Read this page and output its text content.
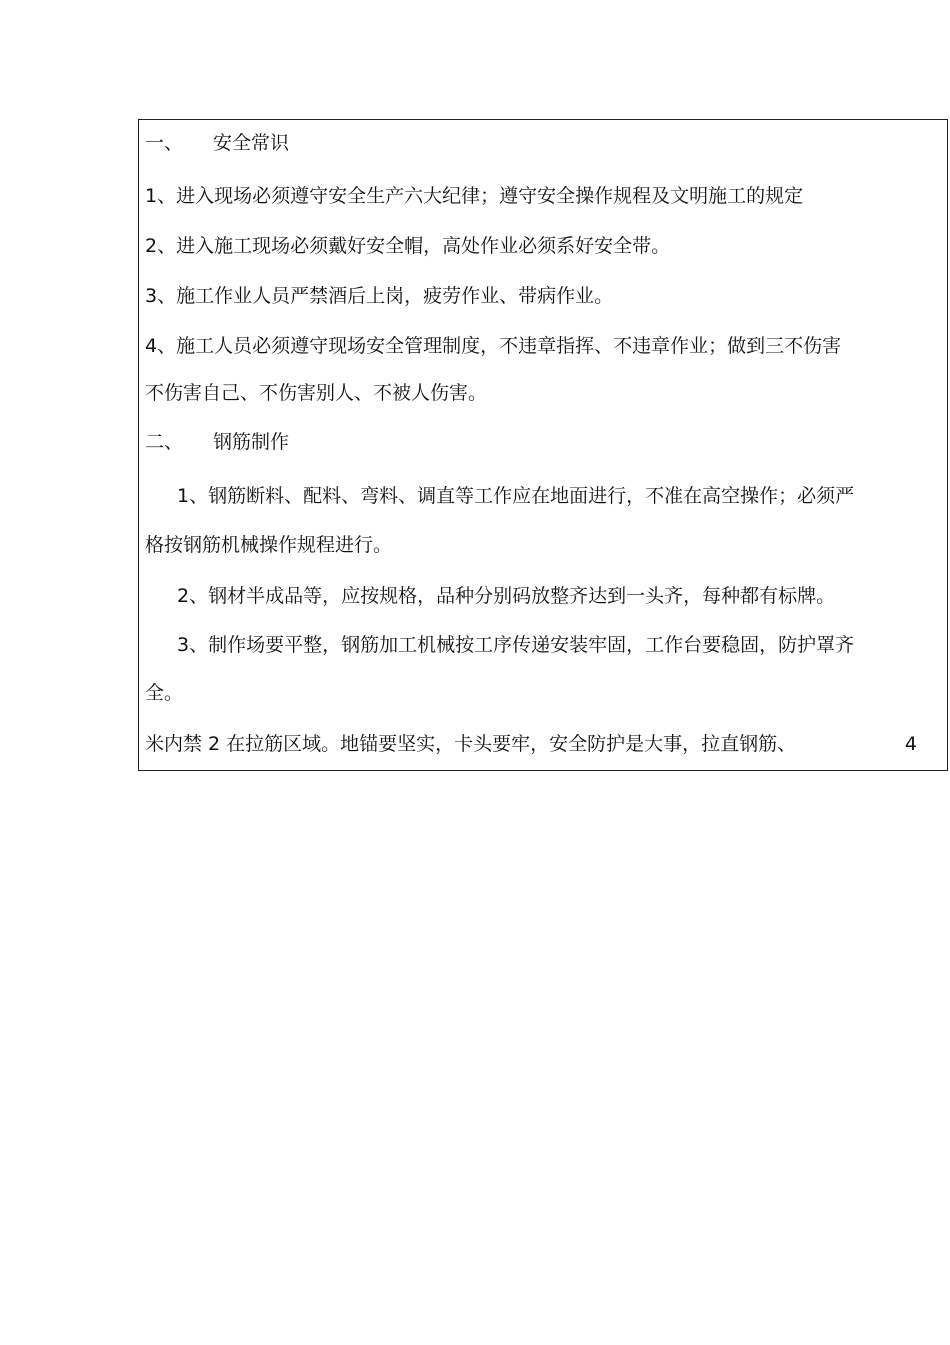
一、 安全常识
1、进入现场必须遵守安全生产六大纪律；遵守安全操作规程及文明施工的规定
2、进入施工现场必须戴好安全帽，高处作业必须系好安全带。
3、施工作业人员严禁酒后上岗，疲劳作业、带病作业。
4、施工人员必须遵守现场安全管理制度，不违章指挥、不违章作业；做到三不伤害
不伤害自己、不伤害别人、不被人伤害。
二、 钢筋制作
1、钢筋断料、配料、弯料、调直等工作应在地面进行，不准在高空操作；必须严
格按钢筋机械操作规程进行。
2、钢材半成品等，应按规格，品种分别码放整齐达到一头齐，每种都有标牌。
3、制作场要平整，钢筋加工机械按工序传递安装牢固，工作台要稳固，防护罩齐
全。
米内禁 2 在拉筋区域。地锚要坚实，卡头要牢，安全防护是大事，拉直钢筋、	4
